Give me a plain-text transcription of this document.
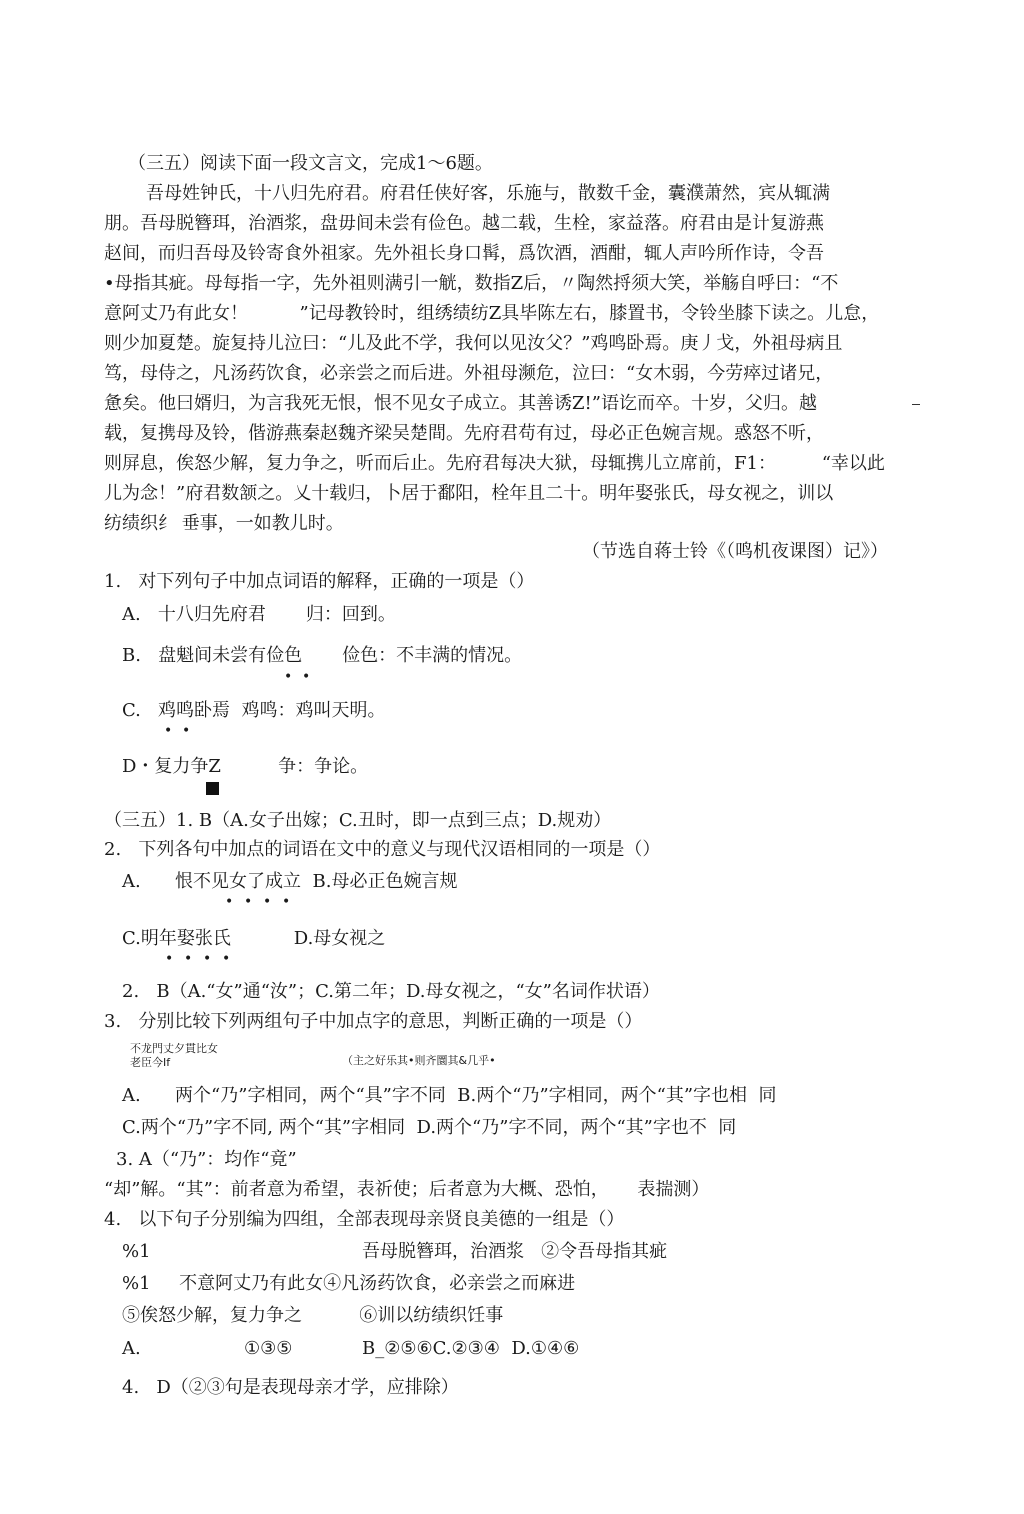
（三五）阅读下面一段文言文，完成1～6题。
吾母姓钟氏，十八归先府君。府君任侠好客，乐施与，散数千金，囊濮萧然，宾从辄满
朋。吾母脱簪珥，治酒浆，盘毋间未尝有俭色。越二载，生栓，家益落。府君由是计复游燕
赵间，而归吾母及铃寄食外祖家。先外祖长身口髯，爲饮酒，酒酣，辄人声吟所作诗，令吾
•母指其疵。母每指一字，先外祖则满引一觥，数指Z后，〃陶然捋须大笑，举觞自呼曰：“不
意阿丈乃有此女！         ”记母教铃时，组绣绩纺Z具毕陈左右，膝置书，令铃坐膝下读之。儿怠，
则少加夏楚。旋复持儿泣曰：“儿及此不学，我何以见汝父？”鸡鸣卧焉。庚丿戈，外祖母病且
笃，母侍之，凡汤药饮食，必亲尝之而后进。外祖母濒危，泣曰：“女木弱，今劳瘁过诸兄，
惫矣。他曰婿归，为言我死无恨，恨不见女子成立。其善诱Z!”语讫而卒。十岁，父归。越
载，复携母及铃，偕游燕秦赵魏齐梁吴楚間。先府君苟有过，母必正色婉言规。惑怒不听，
则屏息，俟怒少解，复力争之，听而后止。先府君每决大狱，母辄携儿立席前，F1：        “幸以此
儿为念！”府君数颔之。乂十载归，卜居于鄱阳，栓年且二十。明年娶张氏，母女视之，训以
纺绩织纟 垂事，一如教儿时。
（节选自蒋士铃《（鸣机夜课图）记》）
1.   对下列句子中加点词语的解释，正确的一项是（）
A.   十八归先府君       归：回到。
B.   盘魁间未尝有俭色       俭色：不丰满的情况。
• •
C.   鸡鸣卧焉  鸡鸣：鸡叫天明。
• •
D・复力争Z          争：争论。
（三五）1. B（A.女子出嫁；C.丑时，即一点到三点；D.规劝）
2.   下列各句中加点的词语在文中的意义与现代汉语相同的一项是（）
A.      恨不见女了成立  B.母必正色婉言规
• • • •
C.明年娶张氏           D.母女视之
• • • •
2.   B（A.“女”通“汝”；C.第二年；D.母女视之，“女”名词作状语）
3.   分别比较下列两组句子中加点字的意思，判断正确的一项是（）
不龙門丈夕貫比女
老臣今If	（主之好乐其•则齐圜其&几乎•
A.      两个“乃”字相同，两个“具”字不同  B.两个“乃”字相同，两个“其”字也相  同
C.两个“乃”字不同, 两个“其”字相同  D.两个“乃”字不同，两个“其”字也不  同
3. A（“乃”：均作“竟”
“却”解。“其”：前者意为希望，表祈使；后者意为大概、恐怕，     表揣测）
4.   以下句子分别编为四组，全部表现母亲贤良美德的一组是（）
%1	吾母脱簪珥，治酒浆   ②令吾母指其疵
%1     不意阿丈乃有此女④凡汤药饮食，必亲尝之而麻进
⑤俟怒少解，复力争之          ⑥训以纺绩织饪事
A.	①③⑤	B_②⑤⑥C.②③④  D.①④⑥
4.   D（②③句是表现母亲才学，应排除）
